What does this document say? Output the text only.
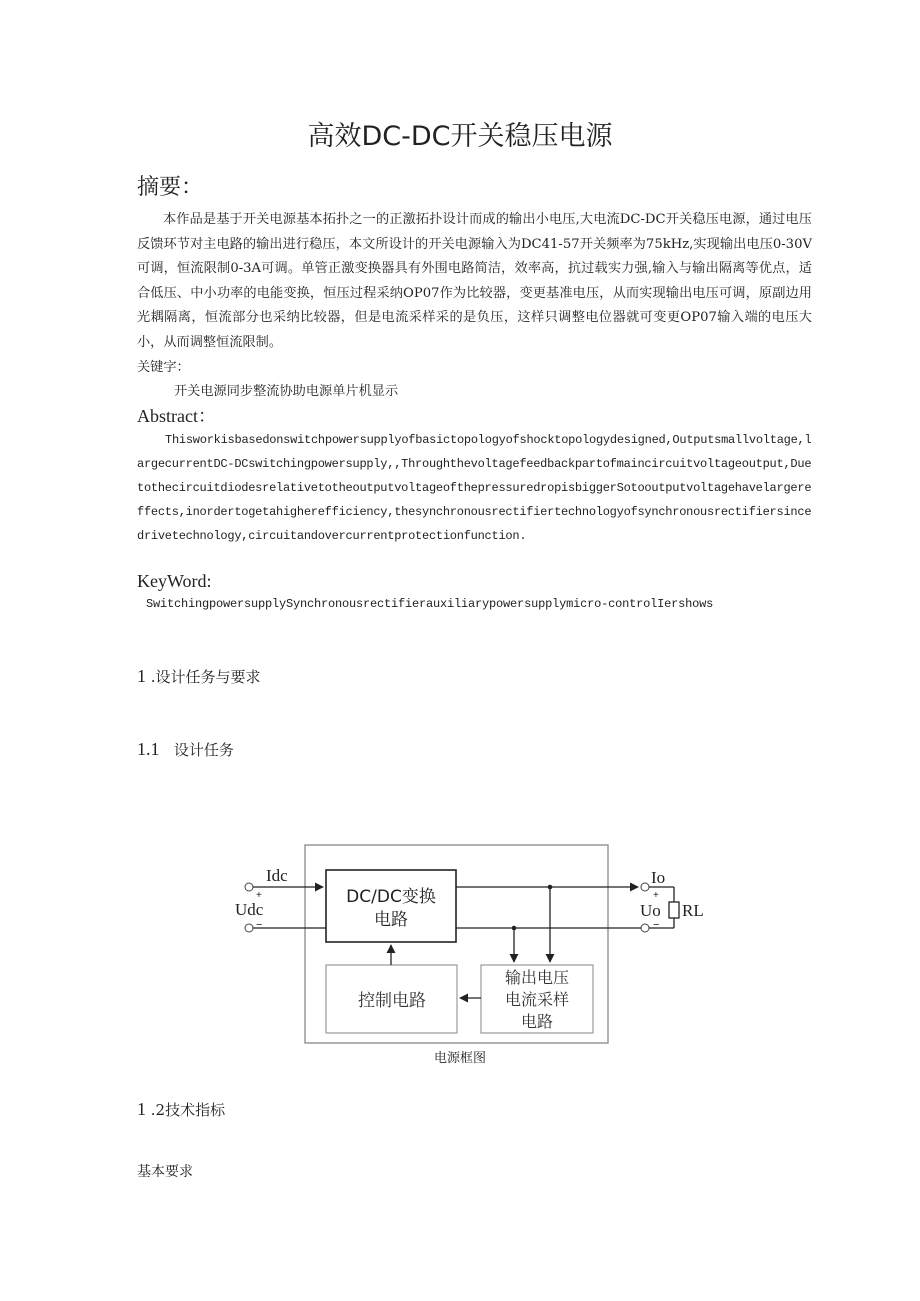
高效DC-DC开关稳压电源
摘要：

本作品是基于开关电源基本拓扑之一的正激拓扑设计而成的输出小电压,大电流DC-DC开关稳压电源，通过电压反馈环节对主电路的输出进行稳压，本文所设计的开关电源输入为DC41-57开关频率为75kHz,实现输出电压0-30V可调，恒流限制0-3A可调。单管正激变换器具有外围电路简洁，效率高，抗过载实力强,输入与输出隔离等优点，适合低压、中小功率的电能变换，恒压过程采纳OP07作为比较器，变更基准电压，从而实现输出电压可调，原副边用光耦隔离，恒流部分也采纳比较器，但是电流采样采的是负压，这样只调整电位器就可变更OP07输入端的电压大小，从而调整恒流限制。

关键字：
开关电源同步整流协助电源单片机显示
Abstract：

Thisworkisbasedonswitchpowersupplyofbasictopologyofshocktopologydesigned,Outputsmallvoltage,largecurrentDC-DCswitchingpowersupply,,Throughthevoltagefeedbackpartofmaincircuitvoltageoutput,DuetothecircuitdiodesrelativetotheoutputvoltageofthepressuredropisbiggerSotooutputvoltagehavelargereffects,inordertogetahigherefficiency,thesynchronousrectifiertechnologyofsynchronousrectifiersincedrivetechnology,circuitandovercurrentprotectionfunction.

KeyWord:
SwitchingpowersupplySynchronousrectifierauxiliarypowersupplymicro-controlIershows
1 .设计任务与要求
1.1 设计任务
Idc
+
Udc
−
DC/DC变换
电路
控制电路
输出电压
电流采样
电路
Io
+
Uo
−
RL
电源框图
1 .2技术指标
基本要求
